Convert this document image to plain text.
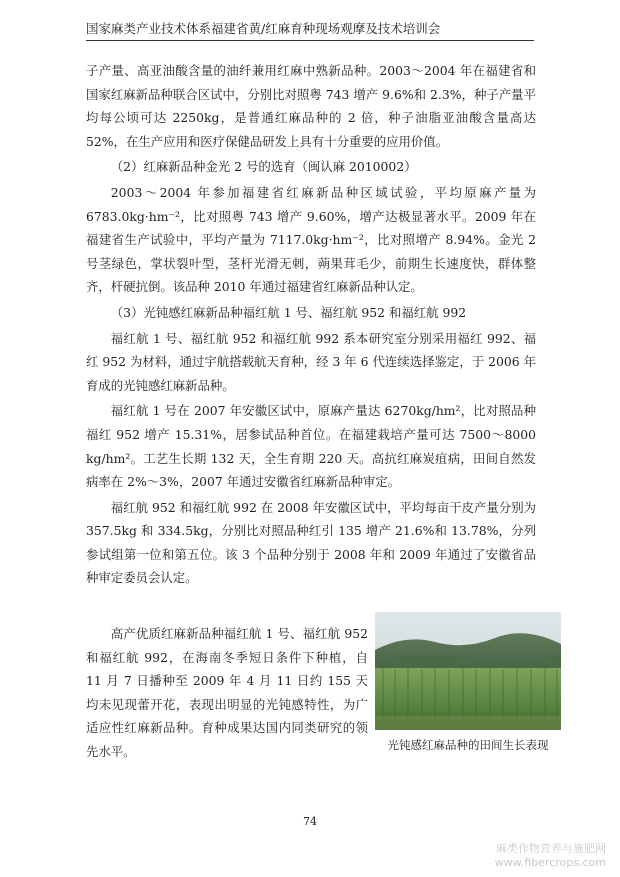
国家麻类产业技术体系福建省黄/红麻育种现场观摩及技术培训会

子产量、高亚油酸含量的油纤兼用红麻中熟新品种。2003～2004 年在福建省和国家红麻新品种联合区试中，分别比对照粤 743 增产 9.6%和 2.3%，种子产量平均每公顷可达 2250kg，是普通红麻品种的 2 倍，种子油脂亚油酸含量高达 52%，在生产应用和医疗保健品研发上具有十分重要的应用价值。

（2）红麻新品种金光 2 号的选育（闽认麻 2010002）

2003～2004 年参加福建省红麻新品种区域试验，平均原麻产量为 6783.0kg·hm⁻²，比对照粤 743 增产 9.60%，增产达极显著水平。2009 年在福建省生产试验中，平均产量为 7117.0kg·hm⁻²，比对照增产 8.94%。金光 2 号茎绿色，掌状裂叶型，茎杆光滑无刺，蒴果茸毛少，前期生长速度快，群体整齐，杆硬抗倒。该品种 2010 年通过福建省红麻新品种认定。

（3）光钝感红麻新品种福红航 1 号、福红航 952 和福红航 992

福红航 1 号、福红航 952 和福红航 992 系本研究室分别采用福红 992、福红 952 为材料，通过宇航搭载航天育种，经 3 年 6 代连续选择鉴定，于 2006 年育成的光钝感红麻新品种。

福红航 1 号在 2007 年安徽区试中，原麻产量达 6270kg/hm²，比对照品种福红 952 增产 15.31%，居参试品种首位。在福建栽培产量可达 7500～8000 kg/hm²。工艺生长期 132 天，全生育期 220 天。高抗红麻炭疽病，田间自然发病率在 2%～3%，2007 年通过安徽省红麻新品种审定。

福红航 952 和福红航 992 在 2008 年安徽区试中，平均每亩干皮产量分别为 357.5kg 和 334.5kg，分别比对照品种红引 135 增产 21.6%和 13.78%，分列参试组第一位和第五位。该 3 个品种分别于 2008 年和 2009 年通过了安徽省品种审定委员会认定。

高产优质红麻新品种福红航 1 号、福红航 952 和福红航 992，在海南冬季短日条件下种植，自 11 月 7 日播种至 2009 年 4 月 11 日约 155 天均未见现蕾开花，表现出明显的光钝感特性，为广适应性红麻新品种。育种成果达国内同类研究的领先水平。	光钝感红麻品种的田间生长表现
74
麻类作物营养与施肥网
www.fibercrops.com
